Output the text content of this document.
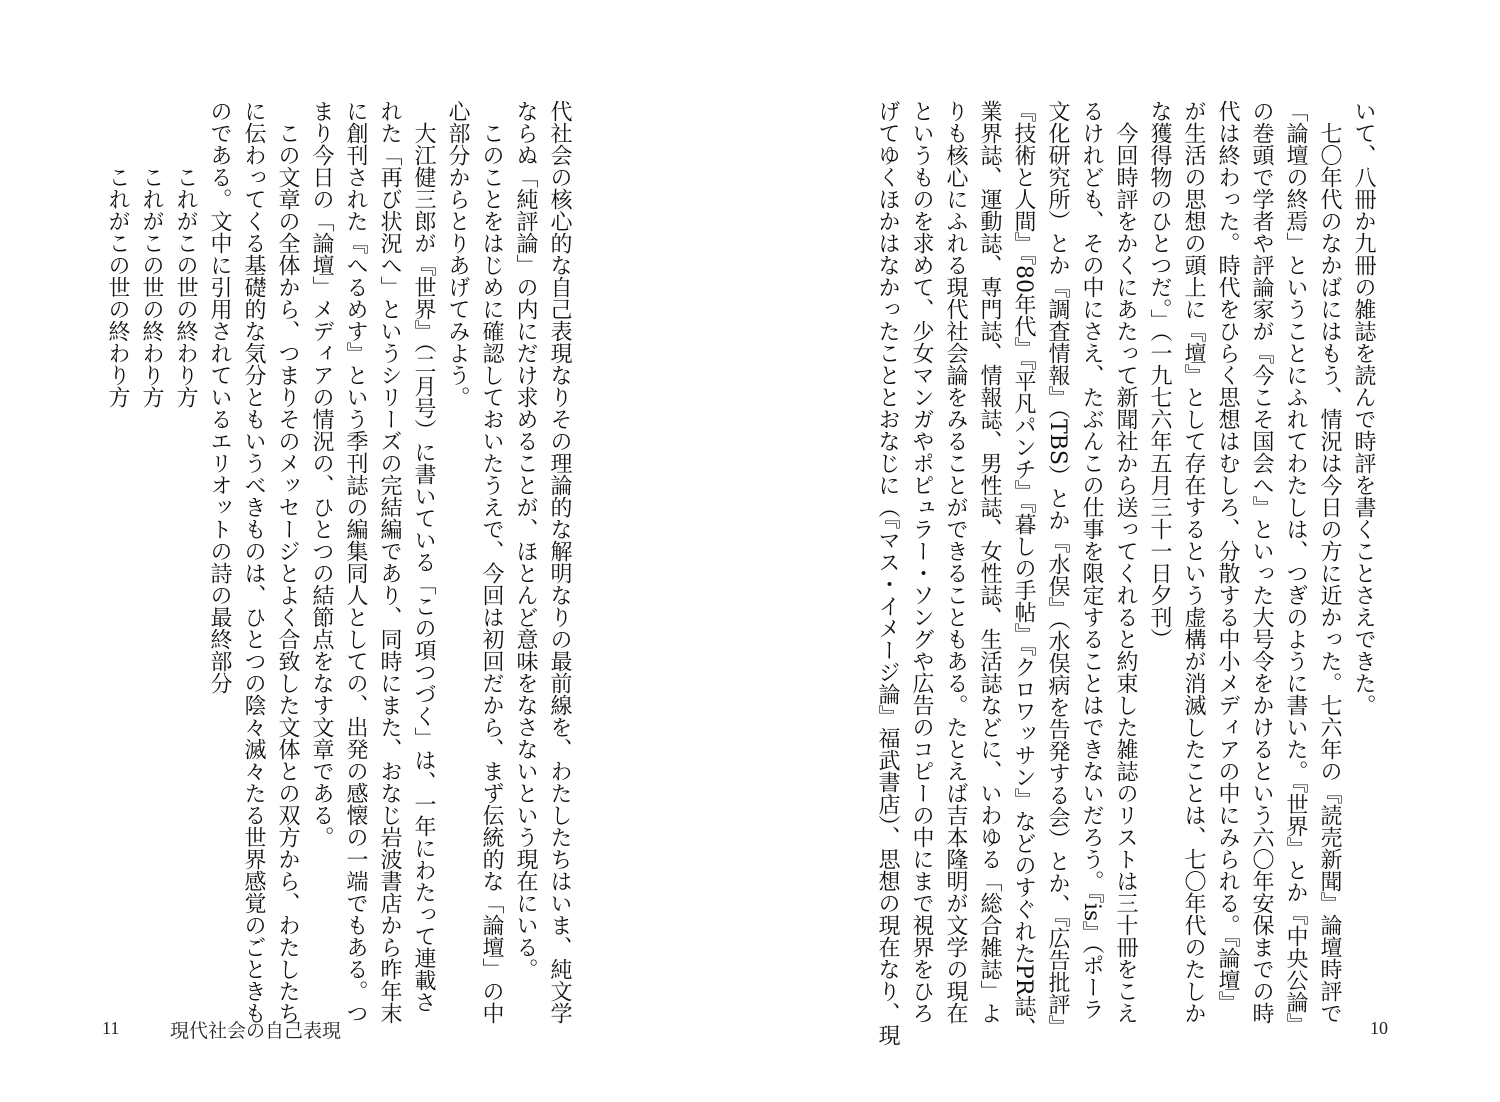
いて、八冊か九冊の雑誌を読んで時評を書くことさえできた。
七〇年代のなかばにはもう、情況は今日の方に近かった。七六年の『読売新聞』論壇時評で
「論壇の終焉」ということにふれてわたしは、つぎのように書いた。『世界』とか『中央公論』
の巻頭で学者や評論家が『今こそ国会へ』といった大号令をかけるという六〇年安保までの時
代は終わった。時代をひらく思想はむしろ、分散する中小メディアの中にみられる。『論壇』
が生活の思想の頭上に『壇』として存在するという虚構が消滅したことは、七〇年代のたしか
な獲得物のひとつだ。」（一九七六年五月三十一日夕刊）
今回時評をかくにあたって新聞社から送ってくれると約束した雑誌のリストは三十冊をこえ
るけれども、その中にさえ、たぶんこの仕事を限定することはできないだろう。『is』（ポーラ
文化研究所）とか『調査情報』（TBS）とか『水俣』（水俣病を告発する会）とか、『広告批評』
『技術と人間』『80年代』『平凡パンチ』『暮しの手帖』『クロワッサン』などのすぐれたPR誌、
業界誌、運動誌、専門誌、情報誌、男性誌、女性誌、生活誌などに、いわゆる「総合雑誌」よ
りも核心にふれる現代社会論をみることができることもある。たとえば吉本隆明が文学の現在
というものを求めて、少女マンガやポピュラー・ソングや広告のコピーの中にまで視界をひろ
げてゆくほかはなかったこととおなじに（『マス・イメージ論』福武書店）、思想の現在なり、現	10
代社会の核心的な自己表現なりその理論的な解明なりの最前線を、わたしたちはいま、純文学
ならぬ「純評論」の内にだけ求めることが、ほとんど意味をなさないという現在にいる。
このことをはじめに確認しておいたうえで、今回は初回だから、まず伝統的な「論壇」の中
心部分からとりあげてみよう。
大江健三郎が『世界』（二月号）に書いている「この項つづく」は、一年にわたって連載さ
れた「再び状況へ」というシリーズの完結編であり、同時にまた、おなじ岩波書店から昨年末
に創刊された『へるめす』という季刊誌の編集同人としての、出発の感懐の一端でもある。つ
まり今日の「論壇」メディアの情況の、ひとつの結節点をなす文章である。
この文章の全体から、つまりそのメッセージとよく合致した文体との双方から、わたしたち
に伝わってくる基礎的な気分ともいうべきものは、ひとつの陰々滅々たる世界感覚のごときも
のである。文中に引用されているエリオットの詩の最終部分
これがこの世の終わり方
これがこの世の終わり方
これがこの世の終わり方
11	現代社会の自己表現
